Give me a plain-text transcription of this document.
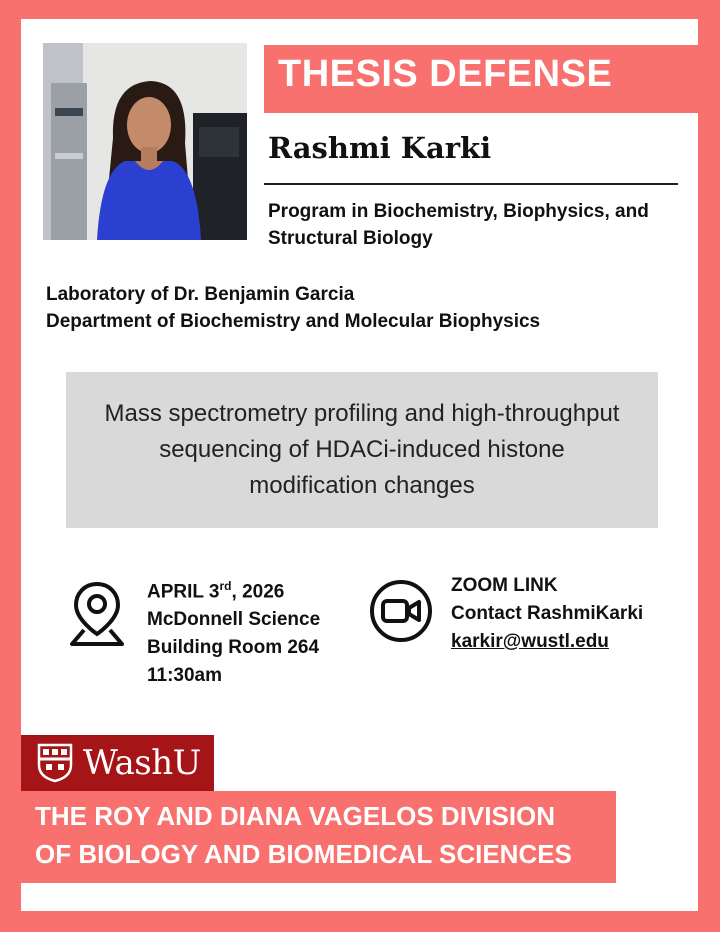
THESIS DEFENSE
Rashmi Karki
Program in Biochemistry, Biophysics, and
Structural Biology
Laboratory of Dr. Benjamin Garcia
Department of Biochemistry and Molecular Biophysics
Mass spectrometry profiling and high-throughput
sequencing of HDACi-induced histone
modification changes
APRIL 3rd, 2026
McDonnell Science
Building Room 264
11:30am
ZOOM LINK
Contact RashmiKarki
karkir@wustl.edu
WashU
THE ROY AND DIANA VAGELOS DIVISION
OF BIOLOGY AND BIOMEDICAL SCIENCES
